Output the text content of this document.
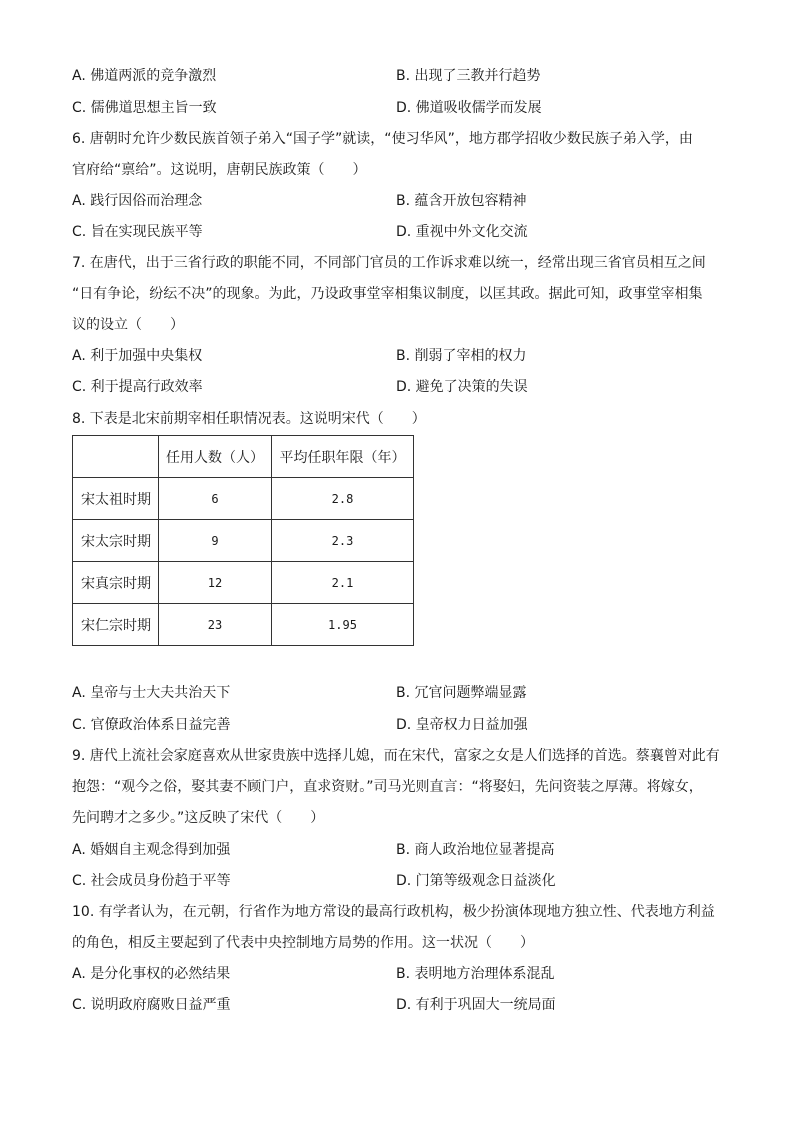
A. 佛道两派的竞争激烈	B. 出现了三教并行趋势
C. 儒佛道思想主旨一致	D. 佛道吸收儒学而发展
6. 唐朝时允许少数民族首领子弟入“国子学”就读，“使习华风”，地方郡学招收少数民族子弟入学，由
官府给“禀给”。这说明，唐朝民族政策（　　）
A. 践行因俗而治理念	B. 蕴含开放包容精神
C. 旨在实现民族平等	D. 重视中外文化交流
7. 在唐代，出于三省行政的职能不同，不同部门官员的工作诉求难以统一，经常出现三省官员相互之间
“日有争论，纷纭不决”的现象。为此，乃设政事堂宰相集议制度，以匡其政。据此可知，政事堂宰相集
议的设立（　　）
A. 利于加强中央集权	B. 削弱了宰相的权力
C. 利于提高行政效率	D. 避免了决策的失误
8. 下表是北宋前期宰相任职情况表。这说明宋代（　　）
	任用人数（人）	平均任职年限（年）
宋太祖时期	6	2.8
宋太宗时期	9	2.3
宋真宗时期	12	2.1
宋仁宗时期	23	1.95
A. 皇帝与士大夫共治天下	B. 冗官问题弊端显露
C. 官僚政治体系日益完善	D. 皇帝权力日益加强
9. 唐代上流社会家庭喜欢从世家贵族中选择儿媳，而在宋代，富家之女是人们选择的首选。蔡襄曾对此有
抱怨：“观今之俗，娶其妻不顾门户，直求资财。”司马光则直言：“将娶妇，先问资装之厚薄。将嫁女，
先问聘才之多少。”这反映了宋代（　　）
A. 婚姻自主观念得到加强	B. 商人政治地位显著提高
C. 社会成员身份趋于平等	D. 门第等级观念日益淡化
10. 有学者认为，在元朝，行省作为地方常设的最高行政机构，极少扮演体现地方独立性、代表地方利益
的角色，相反主要起到了代表中央控制地方局势的作用。这一状况（　　）
A. 是分化事权的必然结果	B. 表明地方治理体系混乱
C. 说明政府腐败日益严重	D. 有利于巩固大一统局面
